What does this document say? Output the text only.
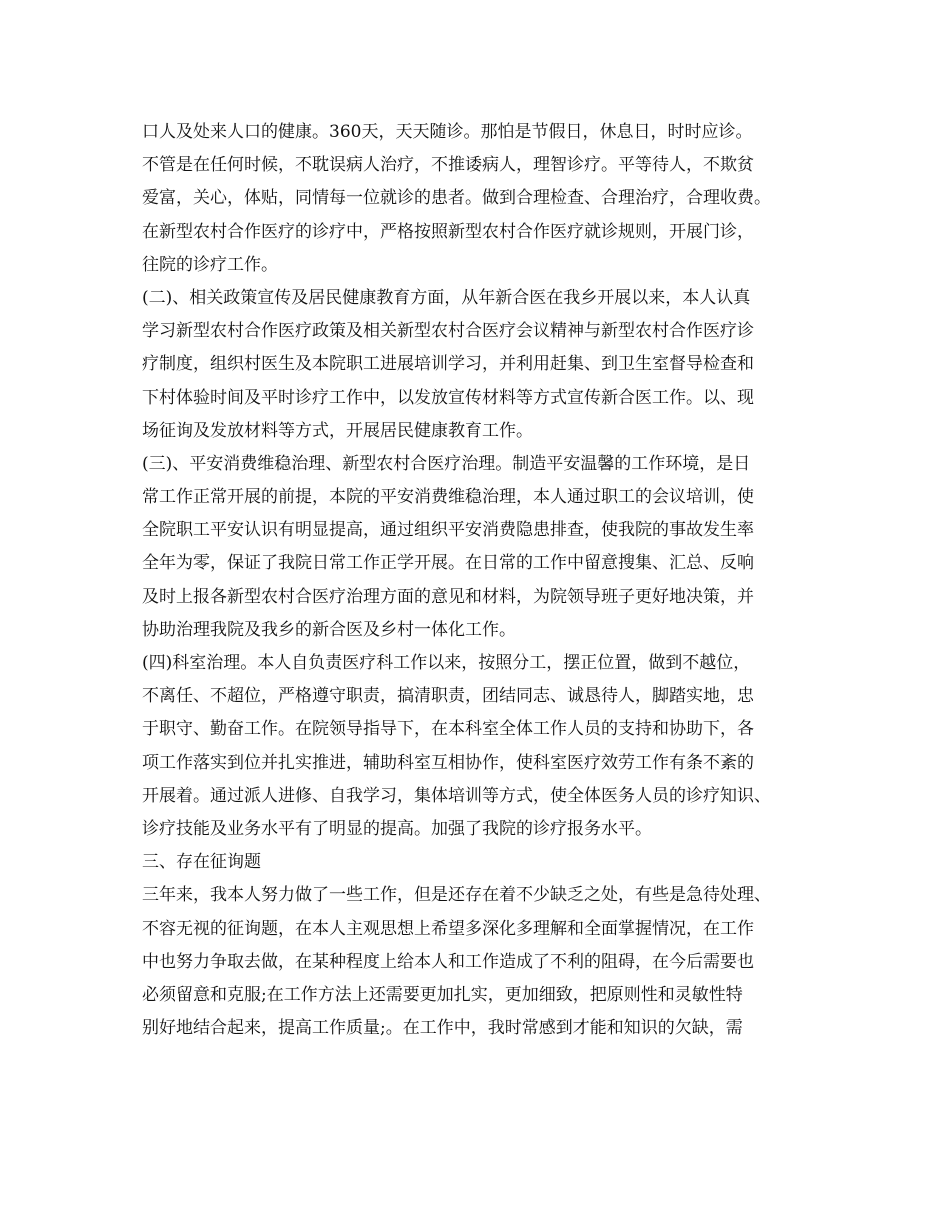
口人及处来人口的健康。360天，天天随诊。那怕是节假日，休息日，时时应诊。
不管是在任何时候，不耽误病人治疗，不推诿病人，理智诊疗。平等待人，不欺贫
爱富，关心，体贴，同情每一位就诊的患者。做到合理检查、合理治疗，合理收费。
在新型农村合作医疗的诊疗中，严格按照新型农村合作医疗就诊规则，开展门诊，
往院的诊疗工作。
(二)、相关政策宣传及居民健康教育方面，从年新合医在我乡开展以来，本人认真
学习新型农村合作医疗政策及相关新型农村合医疗会议精神与新型农村合作医疗诊
疗制度，组织村医生及本院职工进展培训学习，并利用赶集、到卫生室督导检查和
下村体验时间及平时诊疗工作中，以发放宣传材料等方式宣传新合医工作。以、现
场征询及发放材料等方式，开展居民健康教育工作。
(三)、平安消费维稳治理、新型农村合医疗治理。制造平安温馨的工作环境，是日
常工作正常开展的前提，本院的平安消费维稳治理，本人通过职工的会议培训，使
全院职工平安认识有明显提高，通过组织平安消费隐患排查，使我院的事故发生率
全年为零，保证了我院日常工作正学开展。在日常的工作中留意搜集、汇总、反响
及时上报各新型农村合医疗治理方面的意见和材料，为院领导班子更好地决策，并
协助治理我院及我乡的新合医及乡村一体化工作。
(四)科室治理。本人自负责医疗科工作以来，按照分工，摆正位置，做到不越位，
不离任、不超位，严格遵守职责，搞清职责，团结同志、诚恳待人，脚踏实地，忠
于职守、勤奋工作。在院领导指导下，在本科室全体工作人员的支持和协助下，各
项工作落实到位并扎实推进，辅助科室互相协作，使科室医疗效劳工作有条不紊的
开展着。通过派人进修、自我学习，集体培训等方式，使全体医务人员的诊疗知识、
诊疗技能及业务水平有了明显的提高。加强了我院的诊疗报务水平。
三、存在征询题
三年来，我本人努力做了一些工作，但是还存在着不少缺乏之处，有些是急待处理、
不容无视的征询题，在本人主观思想上希望多深化多理解和全面掌握情况，在工作
中也努力争取去做，在某种程度上给本人和工作造成了不利的阻碍，在今后需要也
必须留意和克服;在工作方法上还需要更加扎实，更加细致，把原则性和灵敏性特
别好地结合起来，提高工作质量;。在工作中，我时常感到才能和知识的欠缺，需
